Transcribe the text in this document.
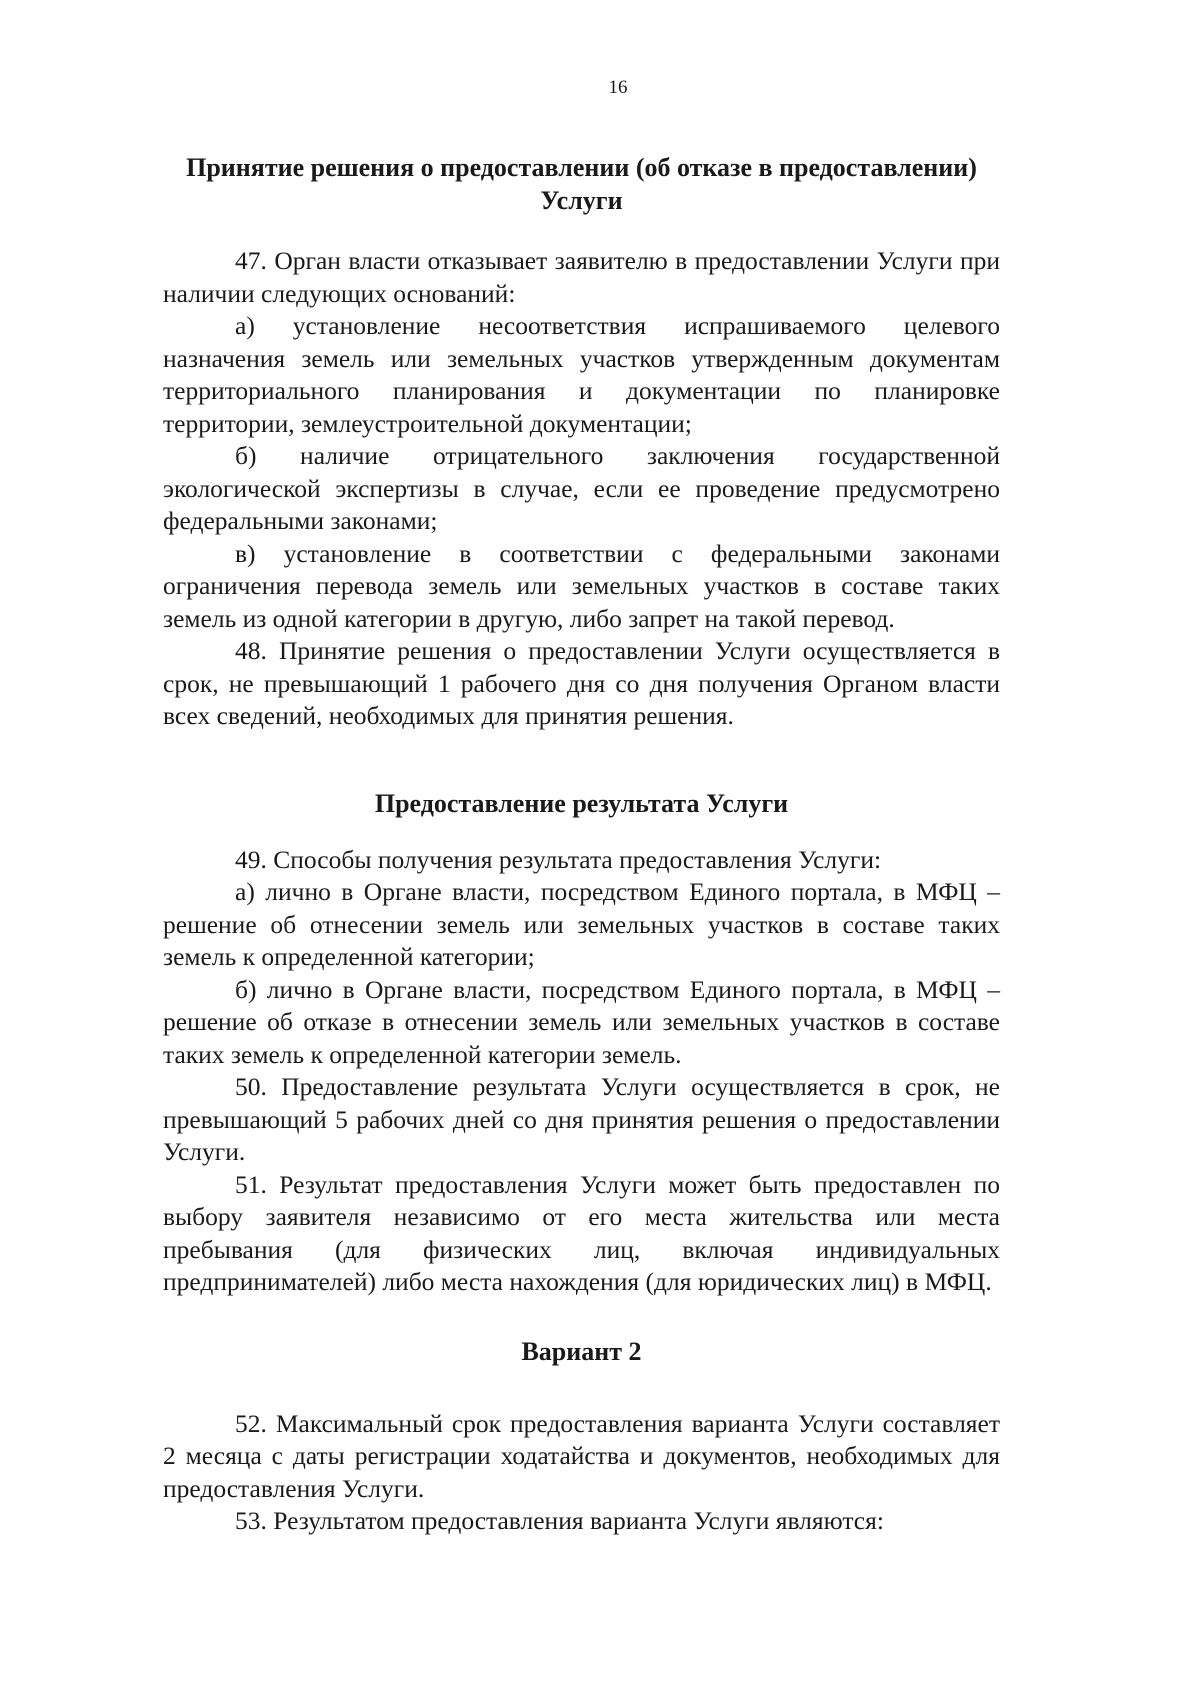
16
Принятие решения о предоставлении (об отказе в предоставлении)
Услуги

47. Орган власти отказывает заявителю в предоставлении Услуги при наличии следующих оснований:

а) установление несоответствия испрашиваемого целевого назначения земель или земельных участков утвержденным документам территориального планирования и документации по планировке территории, землеустроительной документации;

б) наличие отрицательного заключения государственной экологической экспертизы в случае, если ее проведение предусмотрено федеральными законами;

в) установление в соответствии с федеральными законами ограничения перевода земель или земельных участков в составе таких земель из одной категории в другую, либо запрет на такой перевод.

48. Принятие решения о предоставлении Услуги осуществляется в срок, не превышающий 1 рабочего дня со дня получения Органом власти всех сведений, необходимых для принятия решения.

Предоставление результата Услуги

49. Способы получения результата предоставления Услуги:

а) лично в Органе власти, посредством Единого портала, в МФЦ – решение об отнесении земель или земельных участков в составе таких земель к определенной категории;

б) лично в Органе власти, посредством Единого портала, в МФЦ – решение об отказе в отнесении земель или земельных участков в составе таких земель к определенной категории земель.

50. Предоставление результата Услуги осуществляется в срок, не превышающий 5 рабочих дней со дня принятия решения о предоставлении Услуги.

51. Результат предоставления Услуги может быть предоставлен по выбору заявителя независимо от его места жительства или места пребывания (для физических лиц, включая индивидуальных предпринимателей) либо места нахождения (для юридических лиц) в МФЦ.

Вариант 2

52. Максимальный срок предоставления варианта Услуги составляет 2 месяца с даты регистрации ходатайства и документов, необходимых для предоставления Услуги.

53. Результатом предоставления варианта Услуги являются:
